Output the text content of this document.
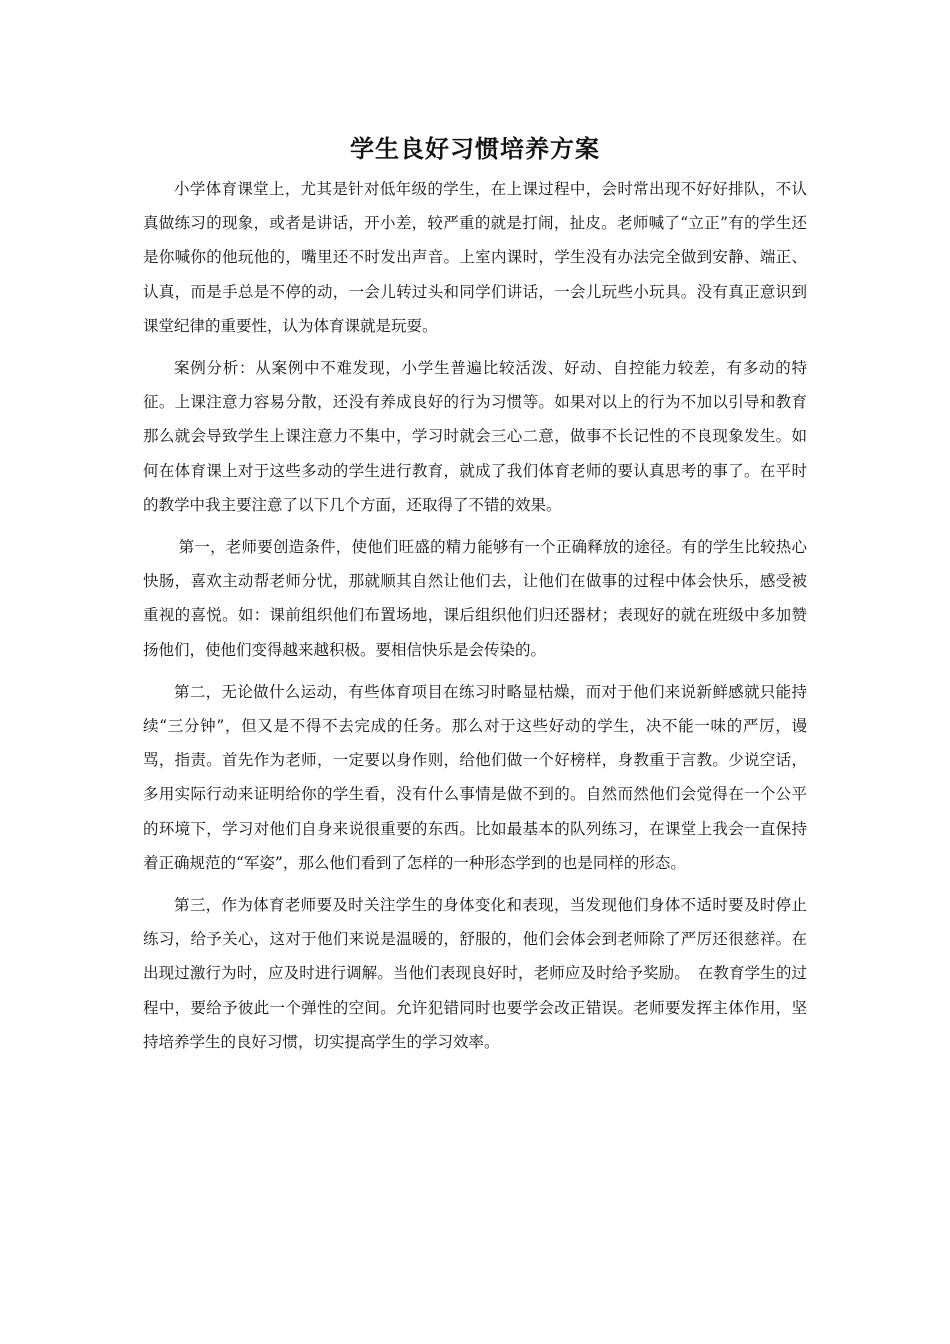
学生良好习惯培养方案

小学体育课堂上，尤其是针对低年级的学生，在上课过程中，会时常出现不好好排队，不认真做练习的现象，或者是讲话，开小差，较严重的就是打闹，扯皮。老师喊了“立正”有的学生还是你喊你的他玩他的，嘴里还不时发出声音。上室内课时，学生没有办法完全做到安静、端正、认真，而是手总是不停的动，一会儿转过头和同学们讲话，一会儿玩些小玩具。没有真正意识到课堂纪律的重要性，认为体育课就是玩耍。

案例分析：从案例中不难发现，小学生普遍比较活泼、好动、自控能力较差，有多动的特征。上课注意力容易分散，还没有养成良好的行为习惯等。如果对以上的行为不加以引导和教育那么就会导致学生上课注意力不集中，学习时就会三心二意，做事不长记性的不良现象发生。如何在体育课上对于这些多动的学生进行教育，就成了我们体育老师的要认真思考的事了。在平时的教学中我主要注意了以下几个方面，还取得了不错的效果。

第一，老师要创造条件，使他们旺盛的精力能够有一个正确释放的途径。有的学生比较热心快肠，喜欢主动帮老师分忧，那就顺其自然让他们去，让他们在做事的过程中体会快乐，感受被重视的喜悦。如：课前组织他们布置场地，课后组织他们归还器材；表现好的就在班级中多加赞扬他们，使他们变得越来越积极。要相信快乐是会传染的。

第二，无论做什么运动，有些体育项目在练习时略显枯燥，而对于他们来说新鲜感就只能持续“三分钟”，但又是不得不去完成的任务。那么对于这些好动的学生，决不能一味的严厉，谩骂，指责。首先作为老师，一定要以身作则，给他们做一个好榜样，身教重于言教。少说空话，多用实际行动来证明给你的学生看，没有什么事情是做不到的。自然而然他们会觉得在一个公平的环境下，学习对他们自身来说很重要的东西。比如最基本的队列练习，在课堂上我会一直保持着正确规范的“军姿”，那么他们看到了怎样的一种形态学到的也是同样的形态。

第三，作为体育老师要及时关注学生的身体变化和表现，当发现他们身体不适时要及时停止练习，给予关心，这对于他们来说是温暖的，舒服的，他们会体会到老师除了严厉还很慈祥。在出现过激行为时，应及时进行调解。当他们表现良好时，老师应及时给予奖励。　在教育学生的过程中，要给予彼此一个弹性的空间。允许犯错同时也要学会改正错误。老师要发挥主体作用，坚持培养学生的良好习惯，切实提高学生的学习效率。
